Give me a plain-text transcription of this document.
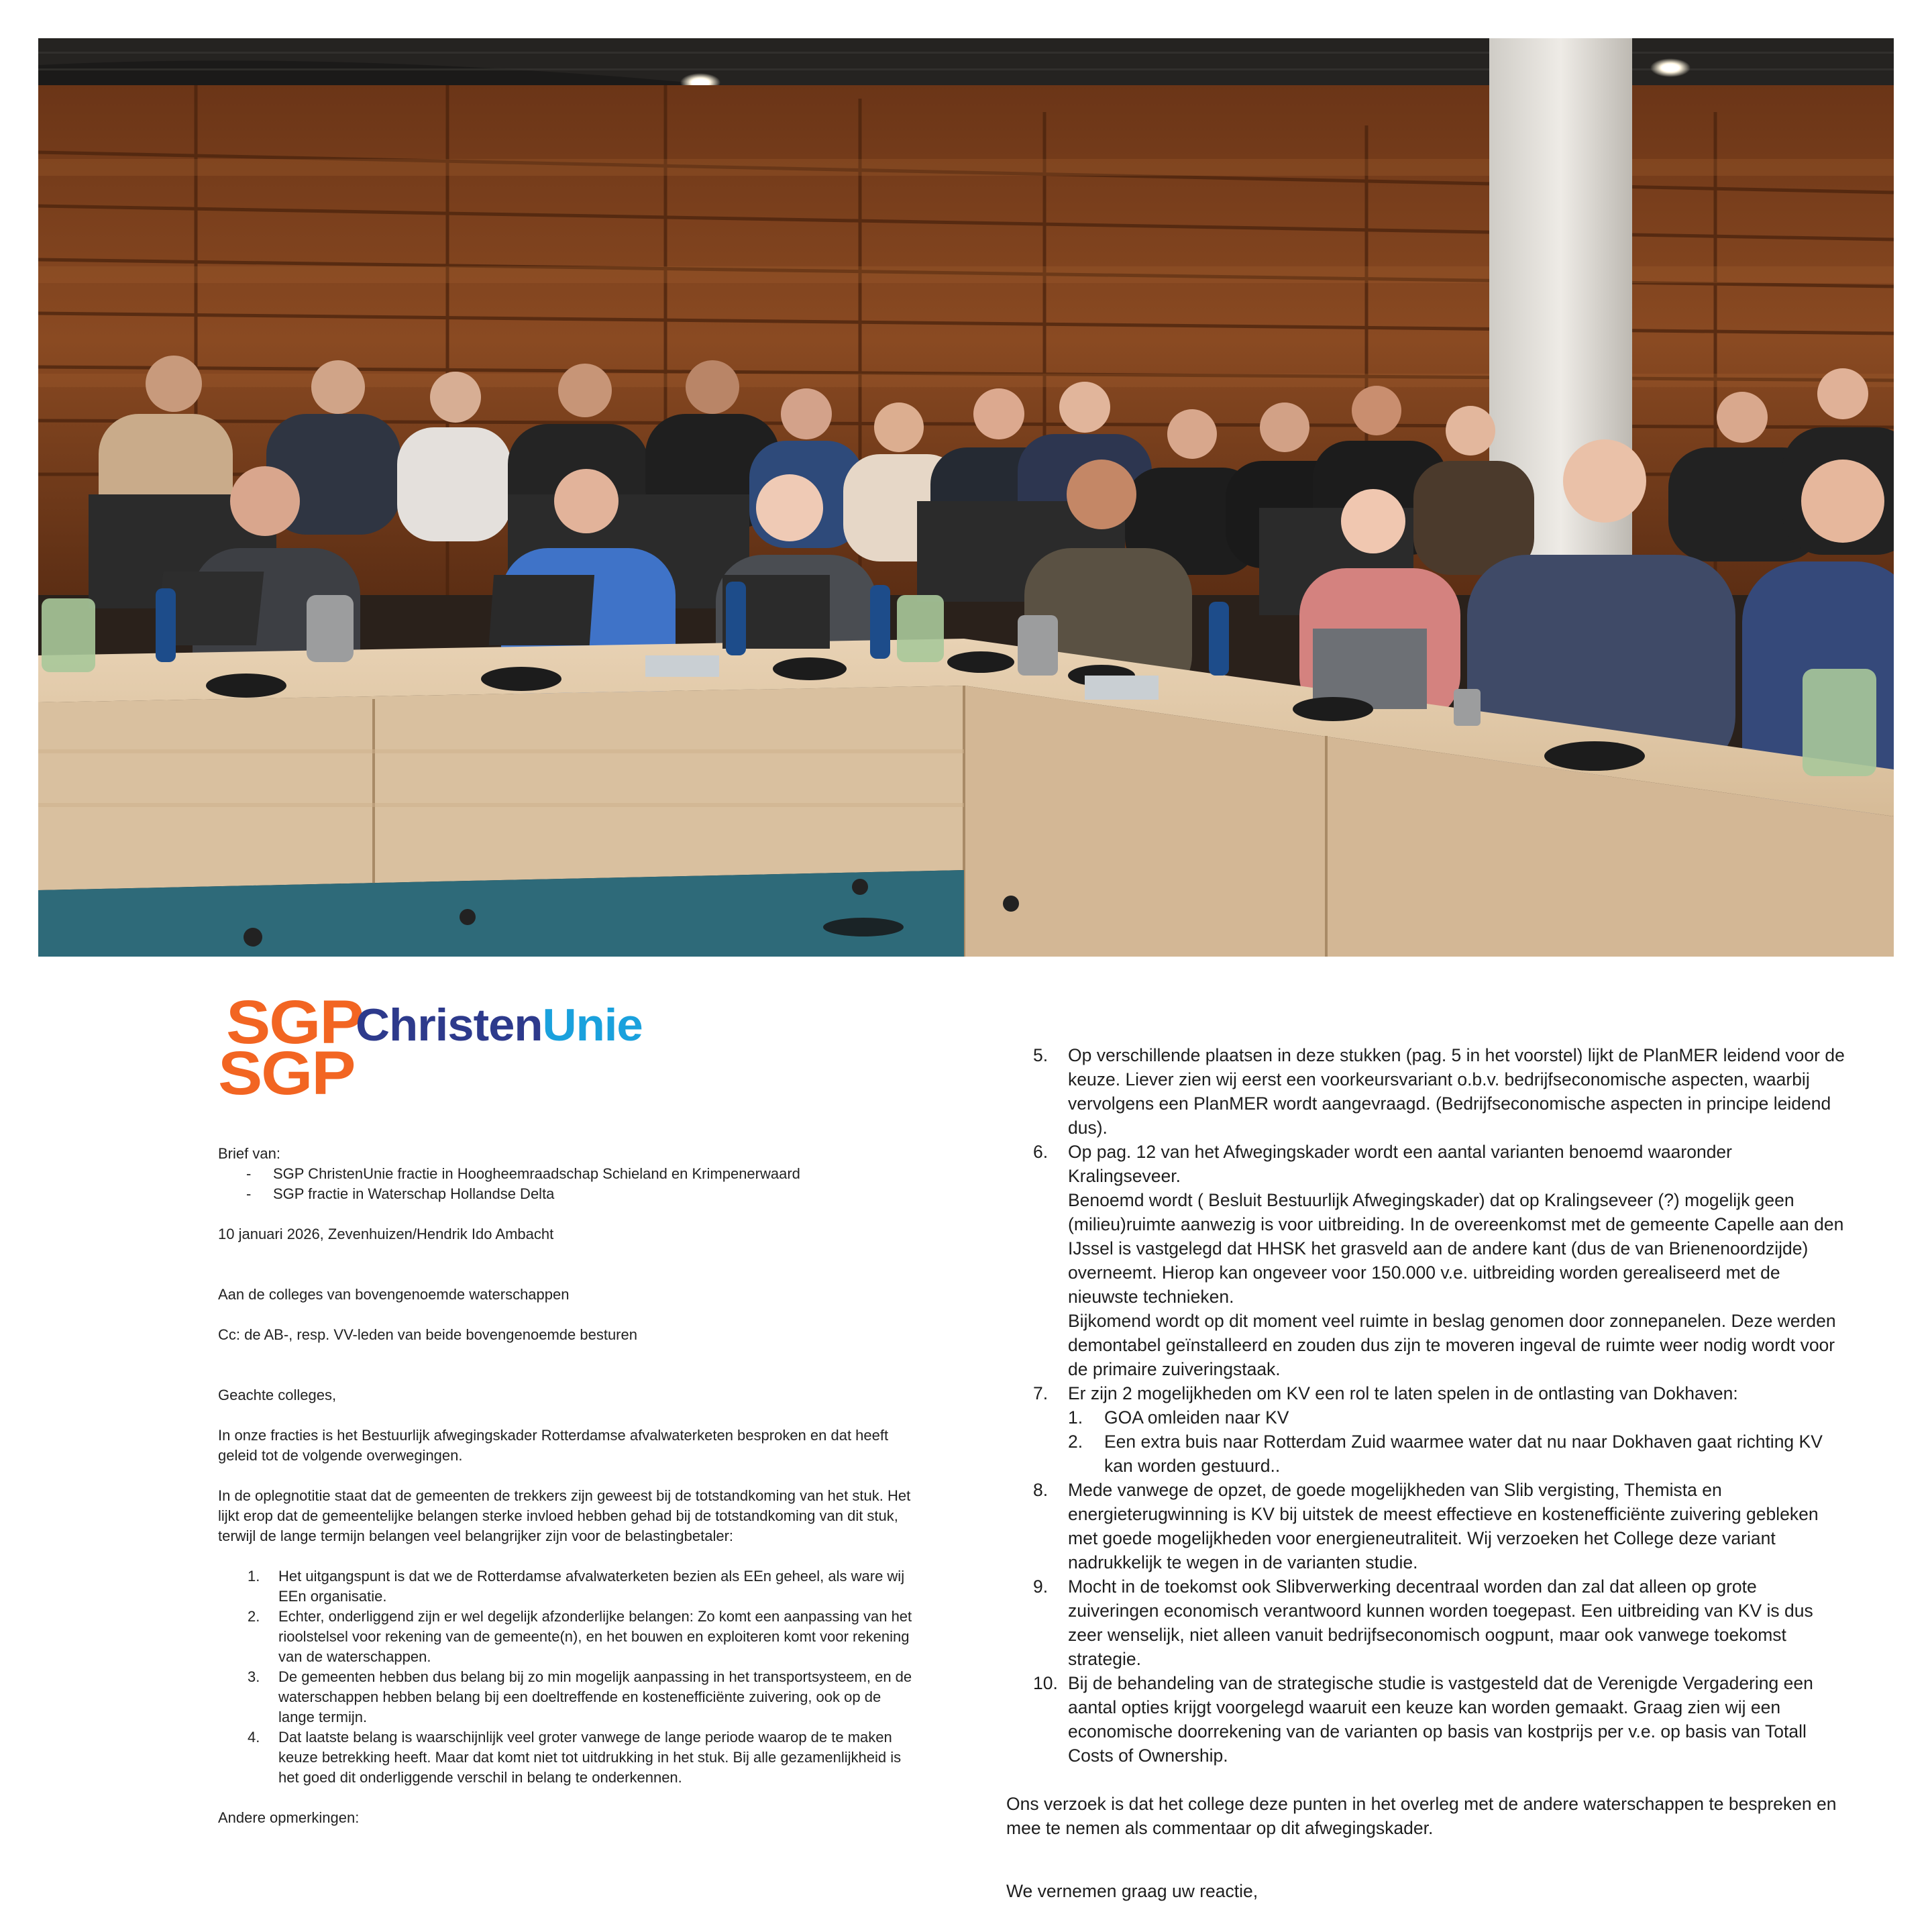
SGP
SGP
ChristenUnie

Brief van:

- SGP ChristenUnie fractie in Hoogheemraadschap Schieland en Krimpenerwaard
- SGP fractie in Waterschap Hollandse Delta

10 januari 2026, Zevenhuizen/Hendrik Ido Ambacht

Aan de colleges van bovengenoemde waterschappen

Cc: de AB-, resp. VV-leden van beide bovengenoemde besturen

Geachte colleges,

In onze fracties is het Bestuurlijk afwegingskader Rotterdamse afvalwaterketen besproken en dat heeft geleid tot de volgende overwegingen.

In de oplegnotitie staat dat de gemeenten de trekkers zijn geweest bij de totstandkoming van het stuk. Het lijkt erop dat de gemeentelijke belangen sterke invloed hebben gehad bij de totstandkoming van dit stuk, terwijl de lange termijn belangen veel belangrijker zijn voor de belastingbetaler:

1. Het uitgangspunt is dat we de Rotterdamse afvalwaterketen bezien als EEn geheel, als ware wij EEn organisatie.
2. Echter, onderliggend zijn er wel degelijk afzonderlijke belangen: Zo komt een aanpassing van het rioolstelsel voor rekening van de gemeente(n), en het bouwen en exploiteren komt voor rekening van de waterschappen.
3. De gemeenten hebben dus belang bij zo min mogelijk aanpassing in het transportsysteem, en de waterschappen hebben belang bij een doeltreffende en kostenefficiënte zuivering, ook op de lange termijn.
4. Dat laatste belang is waarschijnlijk veel groter vanwege de lange periode waarop de te maken keuze betrekking heeft. Maar dat komt niet tot uitdrukking in het stuk. Bij alle gezamenlijkheid is het goed dit onderliggende verschil in belang te onderkennen.

Andere opmerkingen:

5. Op verschillende plaatsen in deze stukken (pag. 5 in het voorstel) lijkt de PlanMER leidend voor de keuze. Liever zien wij eerst een voorkeursvariant o.b.v. bedrijfseconomische aspecten, waarbij vervolgens een PlanMER wordt aangevraagd. (Bedrijfseconomische aspecten in principe leidend dus).
6. Op pag. 12 van het Afwegingskader wordt een aantal varianten benoemd waaronder Kralingseveer.
Benoemd wordt ( Besluit Bestuurlijk Afwegingskader) dat op Kralingseveer (?) mogelijk geen (milieu)ruimte aanwezig is voor uitbreiding. In de overeenkomst met de gemeente Capelle aan den IJssel is vastgelegd dat HHSK het grasveld aan de andere kant (dus de van Brienenoordzijde) overneemt. Hierop kan ongeveer voor 150.000 v.e. uitbreiding worden gerealiseerd met de nieuwste technieken.
Bijkomend wordt op dit moment veel ruimte in beslag genomen door zonnepanelen. Deze werden demontabel geïnstalleerd en zouden dus zijn te moveren ingeval de ruimte weer nodig wordt voor de primaire zuiveringstaak.
7. Er zijn 2 mogelijkheden om KV een rol te laten spelen in de ontlasting van Dokhaven:
1. GOA omleiden naar KV
2. Een extra buis naar Rotterdam Zuid waarmee water dat nu naar Dokhaven gaat richting KV kan worden gestuurd..
8. Mede vanwege de opzet, de goede mogelijkheden van Slib vergisting, Themista en energieterugwinning is KV bij uitstek de meest effectieve en kostenefficiënte zuivering gebleken met goede mogelijkheden voor energieneutraliteit. Wij verzoeken het College deze variant nadrukkelijk te wegen in de varianten studie.
9. Mocht in de toekomst ook Slibverwerking decentraal worden dan zal dat alleen op grote zuiveringen economisch verantwoord kunnen worden toegepast. Een uitbreiding van KV is dus zeer wenselijk, niet alleen vanuit bedrijfseconomisch oogpunt, maar ook vanwege toekomst strategie.
10. Bij de behandeling van de strategische studie is vastgesteld dat de Verenigde Vergadering een aantal opties krijgt voorgelegd waaruit een keuze kan worden gemaakt. Graag zien wij een economische doorrekening van de varianten op basis van kostprijs per v.e. op basis van Totall Costs of Ownership.

Ons verzoek is dat het college deze punten in het overleg met de andere waterschappen te bespreken en mee te nemen als commentaar op dit afwegingskader.

We vernemen graag uw reactie,
